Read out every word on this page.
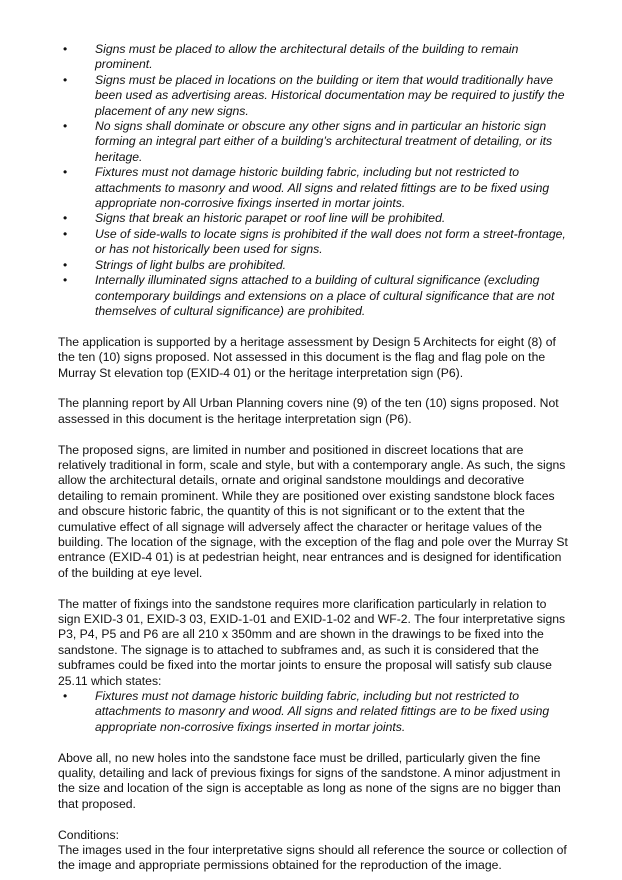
• Signs must be placed to allow the architectural details of the building to remain prominent.
• Signs must be placed in locations on the building or item that would traditionally have been used as advertising areas. Historical documentation may be required to justify the placement of any new signs.
• No signs shall dominate or obscure any other signs and in particular an historic sign forming an integral part either of a building’s architectural treatment of detailing, or its heritage.
• Fixtures must not damage historic building fabric, including but not restricted to attachments to masonry and wood. All signs and related fittings are to be fixed using appropriate non-corrosive fixings inserted in mortar joints.
• Signs that break an historic parapet or roof line will be prohibited.
• Use of side-walls to locate signs is prohibited if the wall does not form a street-frontage, or has not historically been used for signs.
• Strings of light bulbs are prohibited.
• Internally illuminated signs attached to a building of cultural significance (excluding contemporary buildings and extensions on a place of cultural significance that are not themselves of cultural significance) are prohibited.

The application is supported by a heritage assessment by Design 5 Architects for eight (8) of the ten (10) signs proposed. Not assessed in this document is the flag and flag pole on the Murray St elevation top (EXID-4 01) or the heritage interpretation sign (P6).

The planning report by All Urban Planning covers nine (9) of the ten (10) signs proposed. Not assessed in this document is the heritage interpretation sign (P6).

The proposed signs, are limited in number and positioned in discreet locations that are relatively traditional in form, scale and style, but with a contemporary angle. As such, the signs allow the architectural details, ornate and original sandstone mouldings and decorative detailing to remain prominent. While they are positioned over existing sandstone block faces and obscure historic fabric, the quantity of this is not significant or to the extent that the cumulative effect of all signage will adversely affect the character or heritage values of the building. The location of the signage, with the exception of the flag and pole over the Murray St entrance (EXID-4 01) is at pedestrian height, near entrances and is designed for identification of the building at eye level.

The matter of fixings into the sandstone requires more clarification particularly in relation to sign EXID-3 01, EXID-3 03, EXID-1-01 and EXID-1-02 and WF-2. The four interpretative signs P3, P4, P5 and P6 are all 210 x 350mm and are shown in the drawings to be fixed into the sandstone. The signage is to attached to subframes and, as such it is considered that the subframes could be fixed into the mortar joints to ensure the proposal will satisfy sub clause 25.11 which states:

• Fixtures must not damage historic building fabric, including but not restricted to attachments to masonry and wood. All signs and related fittings are to be fixed using appropriate non-corrosive fixings inserted in mortar joints.

Above all, no new holes into the sandstone face must be drilled, particularly given the fine quality, detailing and lack of previous fixings for signs of the sandstone. A minor adjustment in the size and location of the sign is acceptable as long as none of the signs are no bigger than that proposed.

Conditions:

The images used in the four interpretative signs should all reference the source or collection of the image and appropriate permissions obtained for the reproduction of the image.
